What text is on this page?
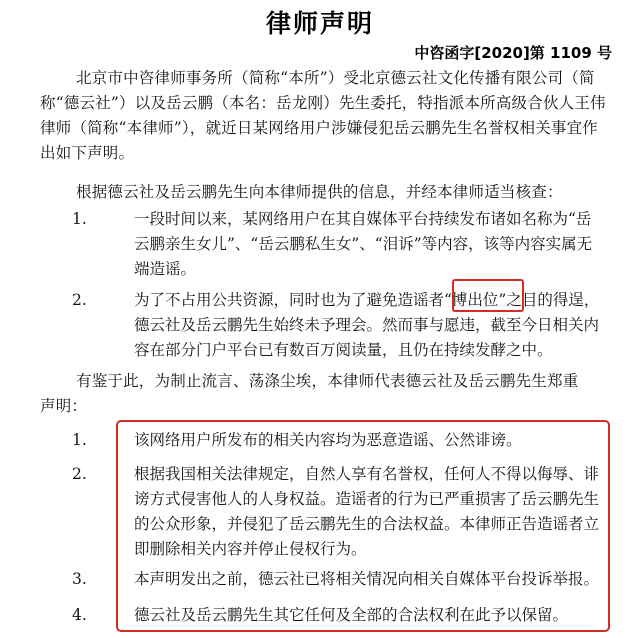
律师声明
中咨函字[2020]第 1109 号
北京市中咨律师事务所（简称“本所”）受北京德云社文化传播有限公司（简
称“德云社”）以及岳云鹏（本名：岳龙刚）先生委托，特指派本所高级合伙人王伟律师（简称“本律师”），就近日某网络用户涉嫌侵犯岳云鹏先生名誉权相关事宜作出如下声明。
根据德云社及岳云鹏先生向本律师提供的信息，并经本律师适当核查：
1.	一段时间以来，某网络用户在其自媒体平台持续发布诸如名称为“岳云鹏亲生女儿”、“岳云鹏私生女”、“泪诉”等内容，该等内容实属无端造谣。
2.	为了不占用公共资源，同时也为了避免造谣者“博出位”之目的得逞，德云社及岳云鹏先生始终未予理会。然而事与愿违，截至今日相关内容在部分门户平台已有数百万阅读量，且仍在持续发酵之中。
有鉴于此，为制止流言、荡涤尘埃，本律师代表德云社及岳云鹏先生郑重
声明：
1.	该网络用户所发布的相关内容均为恶意造谣、公然诽谤。
2.	根据我国相关法律规定，自然人享有名誉权，任何人不得以侮辱、诽谤方式侵害他人的人身权益。造谣者的行为已严重损害了岳云鹏先生的公众形象，并侵犯了岳云鹏先生的合法权益。本律师正告造谣者立即删除相关内容并停止侵权行为。
3.	本声明发出之前，德云社已将相关情况向相关自媒体平台投诉举报。
4.	德云社及岳云鹏先生其它任何及全部的合法权利在此予以保留。
